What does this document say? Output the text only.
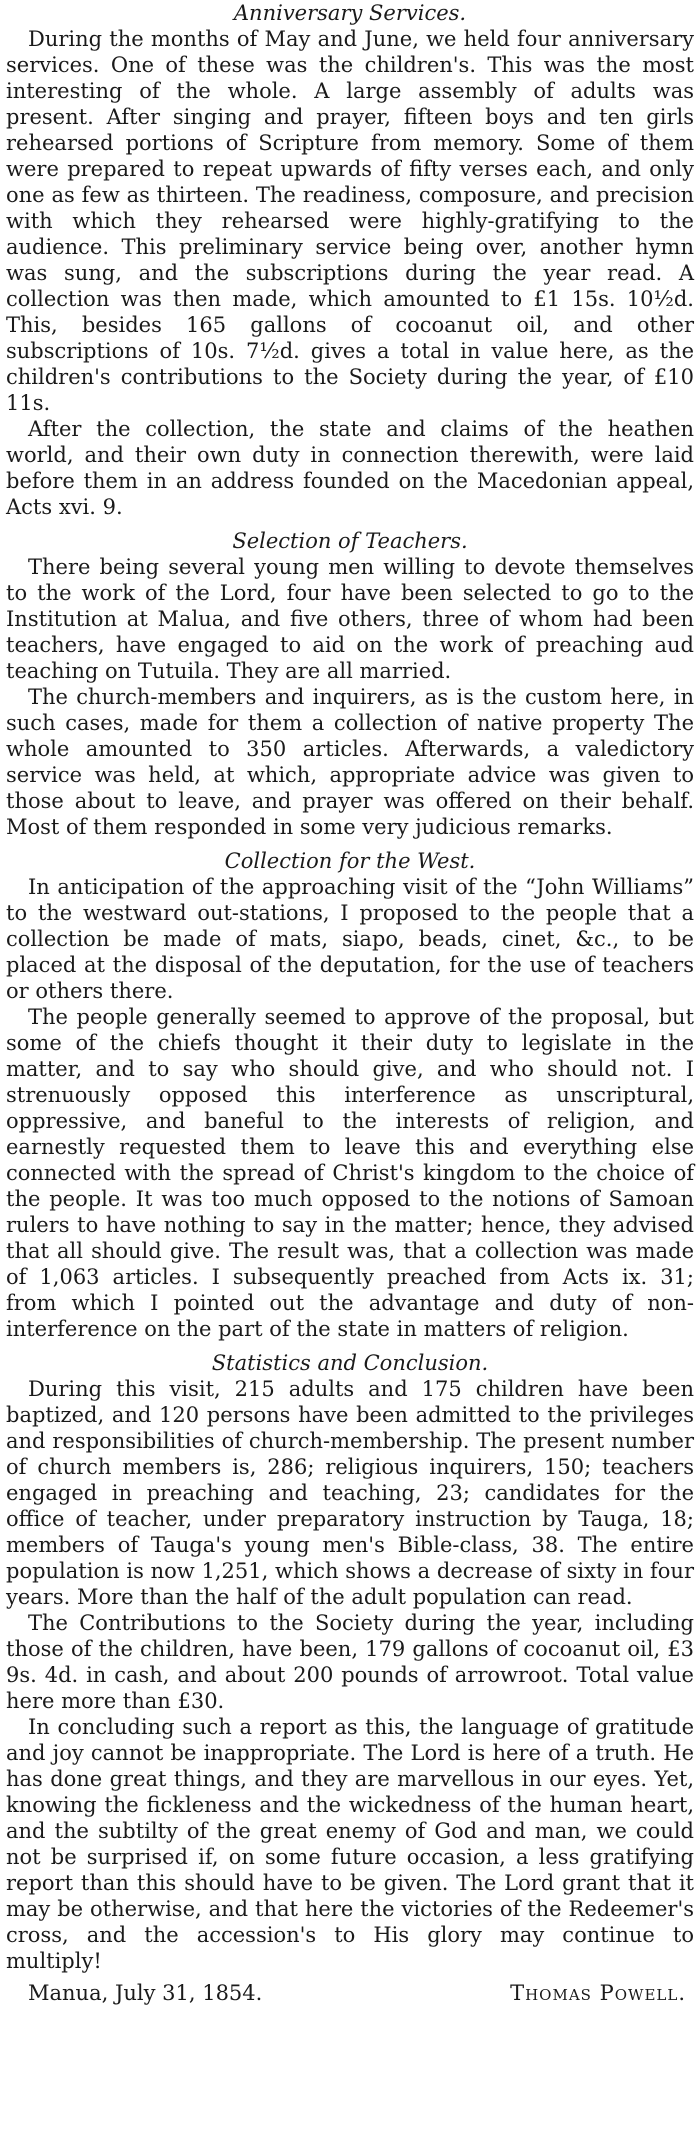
Anniversary Services.

During the months of May and June, we held four anniversary services. One of these was the children's. This was the most interesting of the whole. A large assembly of adults was present. After singing and prayer, fifteen boys and ten girls rehearsed portions of Scripture from memory. Some of them were prepared to repeat upwards of fifty verses each, and only one as few as thirteen. The readiness, composure, and precision with which they rehearsed were highly-gratifying to the audience. This preliminary service being over, another hymn was sung, and the subscriptions during the year read. A collection was then made, which amounted to £1 15s. 10½d. This, besides 165 gallons of cocoanut oil, and other subscriptions of 10s. 7½d. gives a total in value here, as the children's contributions to the Society during the year, of £10 11s.

After the collection, the state and claims of the heathen world, and their own duty in connection therewith, were laid before them in an address founded on the Macedonian appeal, Acts xvi. 9.

Selection of Teachers.

There being several young men willing to devote themselves to the work of the Lord, four have been selected to go to the Institution at Malua, and five others, three of whom had been teachers, have engaged to aid on the work of preaching aud teaching on Tutuila. They are all married.

The church-members and inquirers, as is the custom here, in such cases, made for them a collection of native property The whole amounted to 350 articles. Afterwards, a valedictory service was held, at which, appropriate advice was given to those about to leave, and prayer was offered on their behalf. Most of them responded in some very judicious remarks.

Collection for the West.

In anticipation of the approaching visit of the “John Williams” to the westward out-stations, I proposed to the people that a collection be made of mats, siapo, beads, cinet, &c., to be placed at the disposal of the deputation, for the use of teachers or others there.

The people generally seemed to approve of the proposal, but some of the chiefs thought it their duty to legislate in the matter, and to say who should give, and who should not. I strenuously opposed this interference as unscriptural, oppressive, and baneful to the interests of religion, and earnestly requested them to leave this and everything else connected with the spread of Christ's kingdom to the choice of the people. It was too much opposed to the notions of Samoan rulers to have nothing to say in the matter; hence, they advised that all should give. The result was, that a collection was made of 1,063 articles. I subsequently preached from Acts ix. 31; from which I pointed out the advantage and duty of non-interference on the part of the state in matters of religion.

Statistics and Conclusion.

During this visit, 215 adults and 175 children have been baptized, and 120 persons have been admitted to the privileges and responsibilities of church-membership. The present number of church members is, 286; religious inquirers, 150; teachers engaged in preaching and teaching, 23; candidates for the office of teacher, under preparatory instruction by Tauga, 18; members of Tauga's young men's Bible-class, 38. The entire population is now 1,251, which shows a decrease of sixty in four years. More than the half of the adult population can read.

The Contributions to the Society during the year, including those of the children, have been, 179 gallons of cocoanut oil, £3 9s. 4d. in cash, and about 200 pounds of arrowroot. Total value here more than £30.

In concluding such a report as this, the language of gratitude and joy cannot be inappropriate. The Lord is here of a truth. He has done great things, and they are marvellous in our eyes. Yet, knowing the fickleness and the wickedness of the human heart, and the subtilty of the great enemy of God and man, we could not be surprised if, on some future occasion, a less gratifying report than this should have to be given. The Lord grant that it may be otherwise, and that here the victories of the Redeemer's cross, and the accession's to His glory may continue to multiply!

Manua, July 31, 1854.	Thomas Powell.
